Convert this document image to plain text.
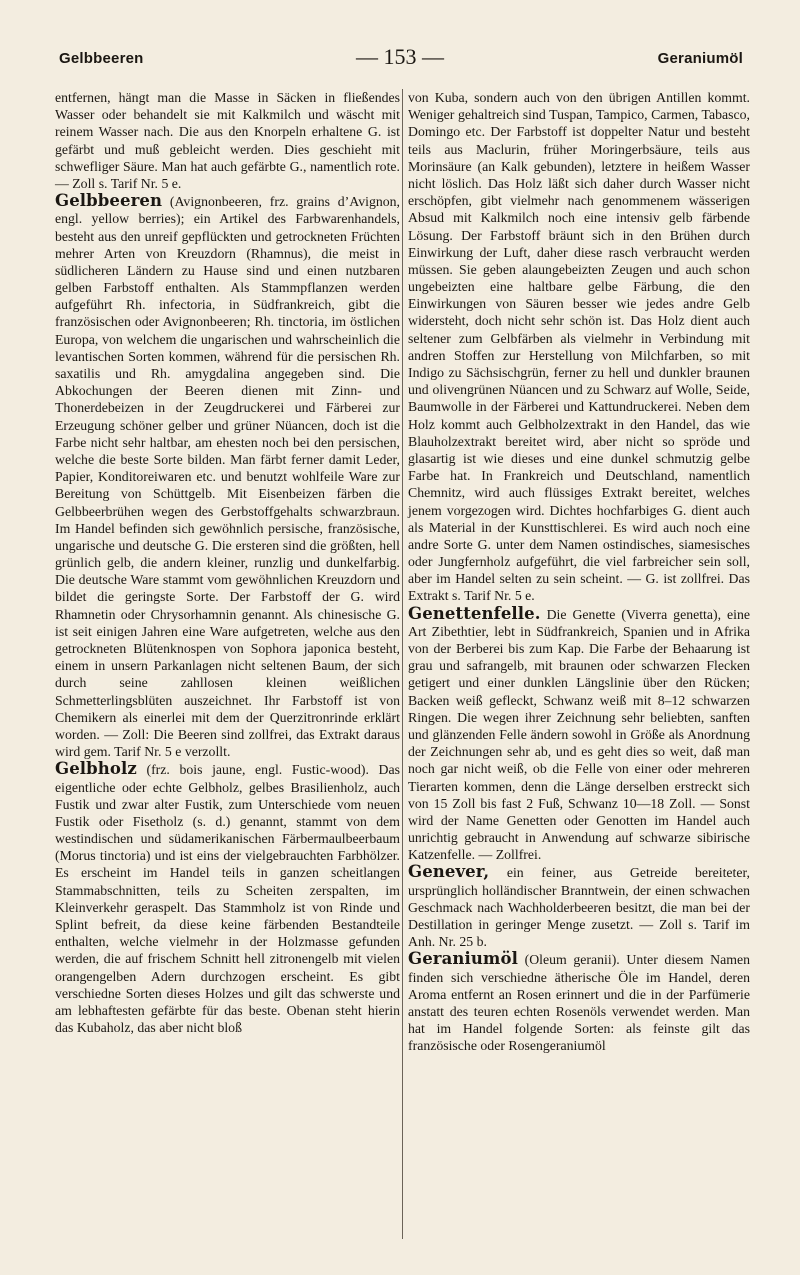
Gelbbeeren	— 153 —	Geraniumöl

entfernen, hängt man die Masse in Säcken in fließendes Wasser oder behandelt sie mit Kalkmilch und wäscht mit reinem Wasser nach. Die aus den Knorpeln erhaltene G. ist gefärbt und muß gebleicht werden. Dies geschieht mit schwefliger Säure. Man hat auch gefärbte G., namentlich rote. — Zoll s. Tarif Nr. 5 e.

Gelbbeeren (Avignonbeeren, frz. grains d’Avignon, engl. yellow berries); ein Artikel des Farbwarenhandels, besteht aus den unreif gepflückten und getrockneten Früchten mehrer Arten von Kreuzdorn (Rhamnus), die meist in südlicheren Ländern zu Hause sind und einen nutzbaren gelben Farbstoff enthalten. Als Stammpflanzen werden aufgeführt Rh. infectoria, in Südfrankreich, gibt die französischen oder Avignonbeeren; Rh. tinctoria, im östlichen Europa, von welchem die ungarischen und wahrscheinlich die levantischen Sorten kommen, während für die persischen Rh. saxatilis und Rh. amygdalina angegeben sind. Die Abkochungen der Beeren dienen mit Zinn- und Thonerdebeizen in der Zeugdruckerei und Färberei zur Erzeugung schöner gelber und grüner Nüancen, doch ist die Farbe nicht sehr haltbar, am ehesten noch bei den persischen, welche die beste Sorte bilden. Man färbt ferner damit Leder, Papier, Konditoreiwaren etc. und benutzt wohlfeile Ware zur Bereitung von Schüttgelb. Mit Eisenbeizen färben die Gelbbeerbrühen wegen des Gerbstoffgehalts schwarzbraun. Im Handel befinden sich gewöhnlich persische, französische, ungarische und deutsche G. Die ersteren sind die größten, hell grünlich gelb, die andern kleiner, runzlig und dunkelfarbig. Die deutsche Ware stammt vom gewöhnlichen Kreuzdorn und bildet die geringste Sorte. Der Farbstoff der G. wird Rhamnetin oder Chrysorhamnin genannt. Als chinesische G. ist seit einigen Jahren eine Ware aufgetreten, welche aus den getrockneten Blütenknospen von Sophora japonica besteht, einem in unsern Parkanlagen nicht seltenen Baum, der sich durch seine zahllosen kleinen weißlichen Schmetterlingsblüten auszeichnet. Ihr Farbstoff ist von Chemikern als einerlei mit dem der Querzitronrinde erklärt worden. — Zoll: Die Beeren sind zollfrei, das Extrakt daraus wird gem. Tarif Nr. 5 e verzollt.

Gelbholz (frz. bois jaune, engl. Fustic-wood). Das eigentliche oder echte Gelbholz, gelbes Brasilienholz, auch Fustik und zwar alter Fustik, zum Unterschiede vom neuen Fustik oder Fisetholz (s. d.) genannt, stammt von dem westindischen und südamerikanischen Färbermaulbeerbaum (Morus tinctoria) und ist eins der vielgebrauchten Farbhölzer. Es erscheint im Handel teils in ganzen scheitlangen Stammabschnitten, teils zu Scheiten zerspalten, im Kleinverkehr geraspelt. Das Stammholz ist von Rinde und Splint befreit, da diese keine färbenden Bestandteile enthalten, welche vielmehr in der Holzmasse gefunden werden, die auf frischem Schnitt hell zitronengelb mit vielen orangengelben Adern durchzogen erscheint. Es gibt verschiedne Sorten dieses Holzes und gilt das schwerste und am lebhaftesten gefärbte für das beste. Obenan steht hierin das Kubaholz, das aber nicht bloß

von Kuba, sondern auch von den übrigen Antillen kommt. Weniger gehaltreich sind Tuspan, Tampico, Carmen, Tabasco, Domingo etc. Der Farbstoff ist doppelter Natur und besteht teils aus Maclurin, früher Moringerbsäure, teils aus Morinsäure (an Kalk gebunden), letztere in heißem Wasser nicht löslich. Das Holz läßt sich daher durch Wasser nicht erschöpfen, gibt vielmehr nach genommenem wässerigen Absud mit Kalkmilch noch eine intensiv gelb färbende Lösung. Der Farbstoff bräunt sich in den Brühen durch Einwirkung der Luft, daher diese rasch verbraucht werden müssen. Sie geben alaungebeizten Zeugen und auch schon ungebeizten eine haltbare gelbe Färbung, die den Einwirkungen von Säuren besser wie jedes andre Gelb widersteht, doch nicht sehr schön ist. Das Holz dient auch seltener zum Gelbfärben als vielmehr in Verbindung mit andren Stoffen zur Herstellung von Milchfarben, so mit Indigo zu Sächsischgrün, ferner zu hell und dunkler braunen und olivengrünen Nüancen und zu Schwarz auf Wolle, Seide, Baumwolle in der Färberei und Kattundruckerei. Neben dem Holz kommt auch Gelbholzextrakt in den Handel, das wie Blauholzextrakt bereitet wird, aber nicht so spröde und glasartig ist wie dieses und eine dunkel schmutzig gelbe Farbe hat. In Frankreich und Deutschland, namentlich Chemnitz, wird auch flüssiges Extrakt bereitet, welches jenem vorgezogen wird. Dichtes hochfarbiges G. dient auch als Material in der Kunsttischlerei. Es wird auch noch eine andre Sorte G. unter dem Namen ostindisches, siamesisches oder Jungfernholz aufgeführt, die viel farbreicher sein soll, aber im Handel selten zu sein scheint. — G. ist zollfrei. Das Extrakt s. Tarif Nr. 5 e.

Genettenfelle. Die Genette (Viverra genetta), eine Art Zibethtier, lebt in Südfrankreich, Spanien und in Afrika von der Berberei bis zum Kap. Die Farbe der Behaarung ist grau und safrangelb, mit braunen oder schwarzen Flecken getigert und einer dunklen Längslinie über den Rücken; Backen weiß gefleckt, Schwanz weiß mit 8–12 schwarzen Ringen. Die wegen ihrer Zeichnung sehr beliebten, sanften und glänzenden Felle ändern sowohl in Größe als Anordnung der Zeichnungen sehr ab, und es geht dies so weit, daß man noch gar nicht weiß, ob die Felle von einer oder mehreren Tierarten kommen, denn die Länge derselben erstreckt sich von 15 Zoll bis fast 2 Fuß, Schwanz 10—18 Zoll. — Sonst wird der Name Genetten oder Genotten im Handel auch unrichtig gebraucht in Anwendung auf schwarze sibirische Katzenfelle. — Zollfrei.

Genever, ein feiner, aus Getreide bereiteter, ursprünglich holländischer Branntwein, der einen schwachen Geschmack nach Wachholderbeeren besitzt, die man bei der Destillation in geringer Menge zusetzt. — Zoll s. Tarif im Anh. Nr. 25 b.

Geraniumöl (Oleum geranii). Unter diesem Namen finden sich verschiedne ätherische Öle im Handel, deren Aroma entfernt an Rosen erinnert und die in der Parfümerie anstatt des teuren echten Rosenöls verwendet werden. Man hat im Handel folgende Sorten: als feinste gilt das französische oder Rosengeraniumöl
